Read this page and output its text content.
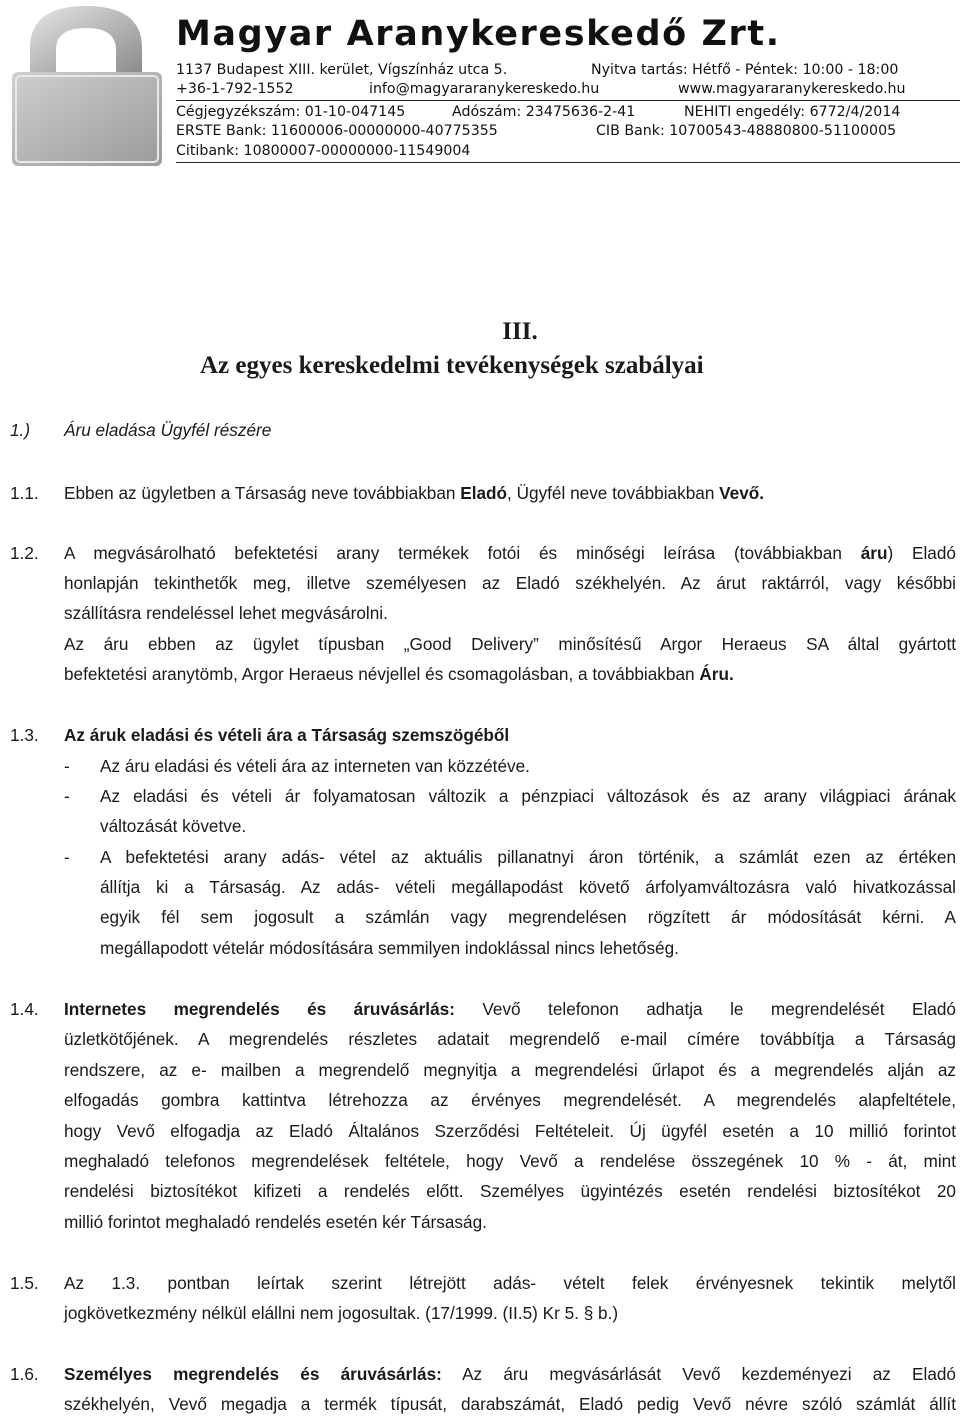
Magyar Aranykereskedő Zrt.
1137 Budapest XIII. kerület, Vígszínház utca 5.	Nyitva tartás: Hétfő - Péntek: 10:00 - 18:00
+36-1-792-1552	info@magyararanykereskedo.hu	www.magyararanykereskedo.hu
Cégjegyzékszám: 01-10-047145	Adószám: 23475636-2-41	NEHITI engedély: 6772/4/2014
ERSTE Bank: 11600006-00000000-40775355	CIB Bank: 10700543-48880800-51100005
Citibank: 10800007-00000000-11549004
III.
Az egyes kereskedelmi tevékenységek szabályai
1.) Áru eladása Ügyfél részére
1.1. Ebben az ügyletben a Társaság neve továbbiakban Eladó, Ügyfél neve továbbiakban Vevő.
1.2. A megvásárolható befektetési arany termékek fotói és minőségi leírása (továbbiakban áru) Eladó
honlapján tekinthetők meg, illetve személyesen az Eladó székhelyén. Az árut raktárról, vagy későbbi
szállításra rendeléssel lehet megvásárolni.
Az áru ebben az ügylet típusban „Good Delivery” minősítésű Argor Heraeus SA által gyártott
befektetési aranytömb, Argor Heraeus névjellel és csomagolásban, a továbbiakban Áru.
1.3. Az áruk eladási és vételi ára a Társaság szemszögéből
- Az áru eladási és vételi ára az interneten van közzétéve.
- Az eladási és vételi ár folyamatosan változik a pénzpiaci változások és az arany világpiaci árának
változását követve.
- A befektetési arany adás- vétel az aktuális pillanatnyi áron történik, a számlát ezen az értéken
állítja ki a Társaság. Az adás- vételi megállapodást követő árfolyamváltozásra való hivatkozással
egyik fél sem jogosult a számlán vagy megrendelésen rögzített ár módosítását kérni. A
megállapodott vételár módosítására semmilyen indoklással nincs lehetőség.
1.4. Internetes megrendelés és áruvásárlás: Vevő telefonon adhatja le megrendelését Eladó
üzletkötőjének. A megrendelés részletes adatait megrendelő e-mail címére továbbítja a Társaság
rendszere, az e- mailben a megrendelő megnyitja a megrendelési űrlapot és a megrendelés alján az
elfogadás gombra kattintva létrehozza az érvényes megrendelését. A megrendelés alapfeltétele,
hogy Vevő elfogadja az Eladó Általános Szerződési Feltételeit. Új ügyfél esetén a 10 millió forintot
meghaladó telefonos megrendelések feltétele, hogy Vevő a rendelése összegének 10 % - át, mint
rendelési biztosítékot kifizeti a rendelés előtt. Személyes ügyintézés esetén rendelési biztosítékot 20
millió forintot meghaladó rendelés esetén kér Társaság.
1.5. Az 1.3. pontban leírtak szerint létrejött adás- vételt felek érvényesnek tekintik melytől
jogkövetkezmény nélkül elállni nem jogosultak. (17/1999. (II.5) Kr 5. § b.)
1.6. Személyes megrendelés és áruvásárlás: Az áru megvásárlását Vevő kezdeményezi az Eladó
székhelyén, Vevő megadja a termék típusát, darabszámát, Eladó pedig Vevő névre szóló számlát állít
